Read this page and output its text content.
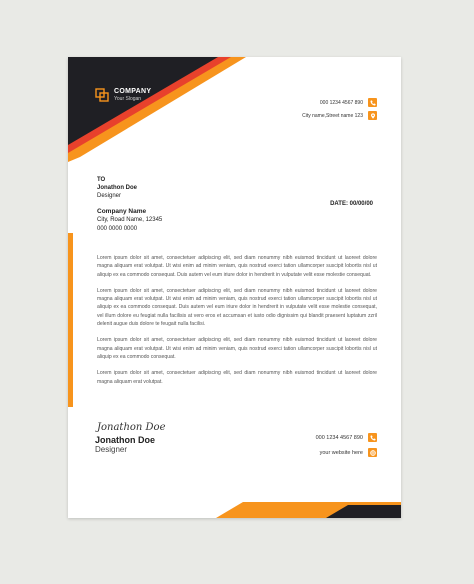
COMPANY
Your Slogan
000 1234 4567 890
City name,Street name 123
TO
Jonathon Doe
Designer
Company Name
City, Road Name, 12345
000 0000 0000
DATE: 00/00/00

Lorem ipsum dolor sit amet, consectetuer adipiscing elit, sed diam nonummy nibh euismod tincidunt ut laoreet dolore magna aliquam erat volutpat. Ut wisi enim ad minim veniam, quis nostrud exerci tation ullamcorper suscipit lobortis nisl ut aliquip ex ea commodo consequat. Duis autem vel eum iriure dolor in hendrerit in vulputate velit esse molestie consequat.

Lorem ipsum dolor sit amet, consectetuer adipiscing elit, sed diam nonummy nibh euismod tincidunt ut laoreet dolore magna aliquam erat volutpat. Ut wisi enim ad minim veniam, quis nostrud exerci tation ullamcorper suscipit lobortis nisl ut aliquip ex ea commodo consequat. Duis autem vel eum iriure dolor in hendrerit in vulputate velit esse molestie consequat, vel illum dolore eu feugiat nulla facilisis at vero eros et accumsan et iusto odio dignissim qui blandit praesent luptatum zzril delenit augue duis dolore te feugait nulla facilisi.

Lorem ipsum dolor sit amet, consectetuer adipiscing elit, sed diam nonummy nibh euismod tincidunt ut laoreet dolore magna aliquam erat volutpat. Ut wisi enim ad minim veniam, quis nostrud exerci tation ullamcorper suscipit lobortis nisl ut aliquip ex ea commodo consequat.

Lorem ipsum dolor sit amet, consectetuer adipiscing elit, sed diam nonummy nibh euismod tincidunt ut laoreet dolore magna aliquam erat volutpat.

Jonathon Doe
Jonathon Doe
Designer
000 1234 4567 890
your website here
